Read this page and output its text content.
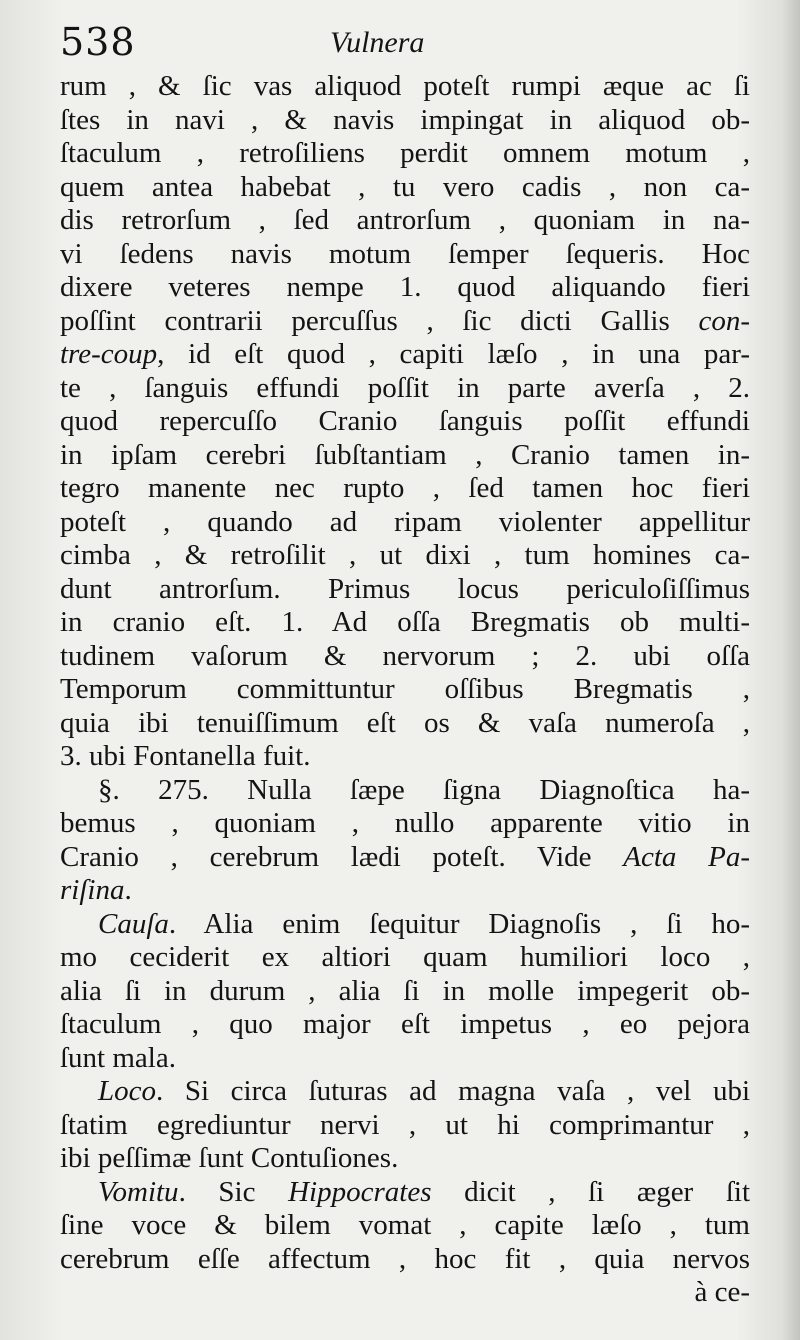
538	Vulnera
rum , & ſic vas aliquod poteſt rumpi æque ac ſi
ſtes in navi , & navis impingat in aliquod ob-
ſtaculum , retroſiliens perdit omnem motum ,
quem antea habebat , tu vero cadis , non ca-
dis retrorſum , ſed antrorſum , quoniam in na-
vi ſedens navis motum ſemper ſequeris. Hoc
dixere veteres nempe 1. quod aliquando fieri
poſſint contrarii percuſſus , ſic dicti Gallis con-
tre-coup, id eſt quod , capiti læſo , in una par-
te , ſanguis effundi poſſit in parte averſa , 2.
quod repercuſſo Cranio ſanguis poſſit effundi
in ipſam cerebri ſubſtantiam , Cranio tamen in-
tegro manente nec rupto , ſed tamen hoc fieri
poteſt , quando ad ripam violenter appellitur
cimba , & retroſilit , ut dixi , tum homines ca-
dunt antrorſum. Primus locus periculoſiſſimus
in cranio eſt. 1. Ad oſſa Bregmatis ob multi-
tudinem vaſorum & nervorum ; 2. ubi oſſa
Temporum committuntur oſſibus Bregmatis ,
quia ibi tenuiſſimum eſt os & vaſa numeroſa ,
3. ubi Fontanella fuit.
§. 275. Nulla ſæpe ſigna Diagnoſtica ha-
bemus , quoniam , nullo apparente vitio in
Cranio , cerebrum lædi poteſt. Vide Acta Pa-
riſina.
Cauſa. Alia enim ſequitur Diagnoſis , ſi ho-
mo ceciderit ex altiori quam humiliori loco ,
alia ſi in durum , alia ſi in molle impegerit ob-
ſtaculum , quo major eſt impetus , eo pejora
ſunt mala.
Loco. Si circa ſuturas ad magna vaſa , vel ubi
ſtatim egrediuntur nervi , ut hi comprimantur ,
ibi peſſimæ ſunt Contuſiones.
Vomitu. Sic Hippocrates dicit , ſi æger ſit
ſine voce & bilem vomat , capite læſo , tum
cerebrum eſſe affectum , hoc fit , quia nervos
à ce-
